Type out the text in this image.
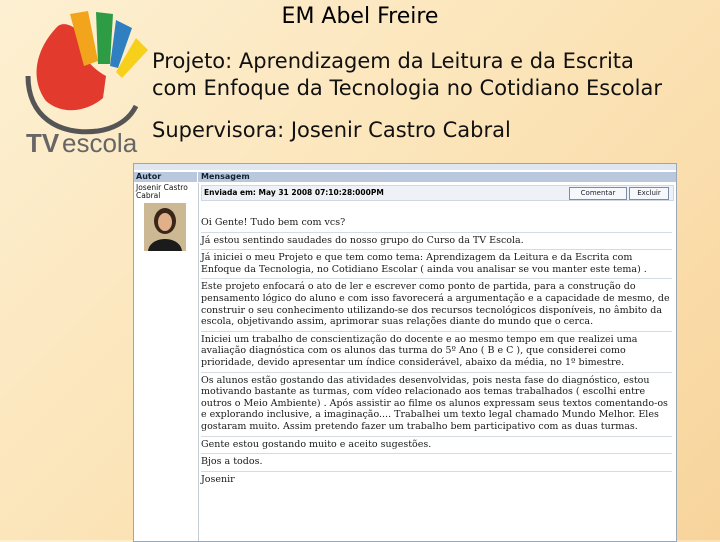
TV escola
EM Abel Freire
Projeto: Aprendizagem da Leitura e da Escrita
com Enfoque da Tecnologia no Cotidiano Escolar
Supervisora: Josenir Castro Cabral
Autor	Mensagem
Josenir Castro Cabral	Enviada em: May 31 2008 07:10:28:000PM	Comentar	Excluir

Oi Gente! Tudo bem com vcs?

Já estou sentindo saudades do nosso grupo do Curso da TV Escola.

Já iniciei o meu Projeto e que tem como tema: Aprendizagem da Leitura e da Escrita com Enfoque da Tecnologia, no Cotidiano Escolar ( ainda vou analisar se vou manter este tema) .

Este projeto enfocará o ato de ler e escrever como ponto de partida, para a construção do pensamento lógico do aluno e com isso favorecerá a argumentação e a capacidade de mesmo, de construir o seu conhecimento utilizando-se dos recursos tecnológicos disponíveis, no âmbito da escola, objetivando assim, aprimorar suas relações diante do mundo que o cerca.

Iniciei um trabalho de conscientização do docente e ao mesmo tempo em que realizei uma avaliação diagnóstica com os alunos das turma do 5º Ano ( B e C ), que considerei como prioridade, devido apresentar um índice considerável, abaixo da média, no 1º bimestre.

Os alunos estão gostando das atividades desenvolvidas, pois nesta fase do diagnóstico, estou motivando bastante as turmas, com vídeo relacionado aos temas trabalhados ( escolhi entre outros o Meio Ambiente) . Após assistir ao filme os alunos expressam seus textos comentando-os e explorando inclusive, a imaginação.... Trabalhei um texto legal chamado Mundo Melhor. Eles gostaram muito. Assim pretendo fazer um trabalho bem participativo com as duas turmas.

Gente estou gostando muito e aceito sugestões.

Bjos a todos.

Josenir
